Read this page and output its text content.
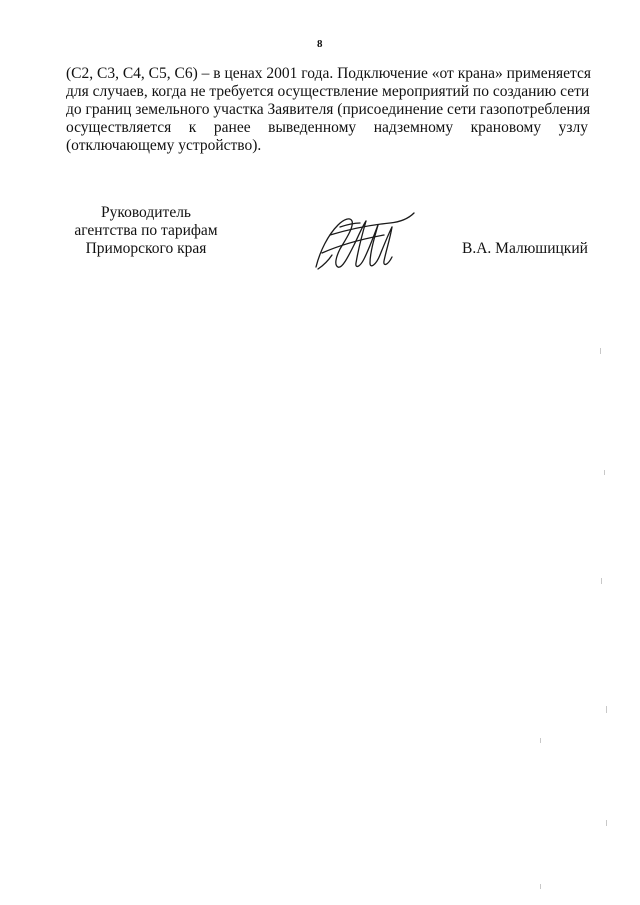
8
(С2, С3, С4, С5, С6) – в ценах 2001 года. Подключение «от крана» применяется
для случаев, когда не требуется осуществление мероприятий по созданию сети
до границ земельного участка Заявителя (присоединение сети газопотребления
осуществляется к ранее выведенному надземному крановому узлу
(отключающему устройство).
Руководитель
агентства по тарифам
Приморского края	В.А. Малюшицкий
